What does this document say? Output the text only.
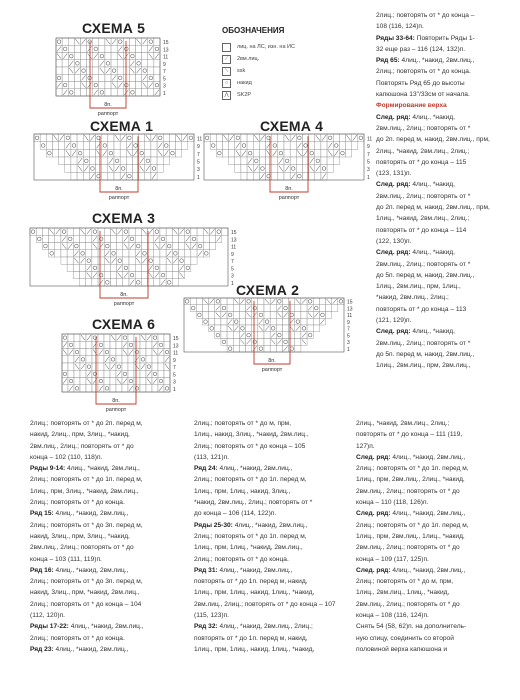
СХЕМА 5
15
13
11
9
7
5
3
1
8п.
раппорт
ОБОЗНАЧЕНИЯ
лиц. на ЛС, изн. на ИС
⟋	2вм.лиц.
⟍	ssk
○	накид
⋀	SK2P
СХЕМА 1
11
9
7
5
3
1
8п.
раппорт
СХЕМА 4
11
9
7
5
3
1
8п.
раппорт
СХЕМА 3
15
13
11
9
7
5
3
1
8п.
раппорт
СХЕМА 2
15
13
11
9
7
5
3
1
8п.
раппорт
СХЕМА 6
15
13
11
9
7
5
3
1
8п.
раппорт

2лиц.; повторять от * до конца –

108 (116, 124)п.

Ряды 33-64: Повторить Ряды 1-

32 еще раз – 116 (124, 132)п.

Ряд 65: 4лиц., *накид, 2вм.лиц.,

2лиц.; повторять от * до конца.

Повторять Ряд 65 до высоты

капюшона 13"/33см от начала.

Формирование верха

След. ряд: 4лиц., *накид,

2вм.лиц., 2лиц.; повторять от *

до 2п. перед м, накид, 2вм.лиц., прм,

2лиц., *накид, 2вм.лиц., 2лиц.;

повторять от * до конца – 115

(123, 131)п.

След. ряд: 4лиц., *накид,

2вм.лиц., 2лиц.; повторять от *

до 2п. перед м, накид, 2вм.лиц., прм,

1лиц., *накид, 2вм.лиц., 2лиц.;

повторять от * до конца – 114

(122, 130)п.

След. ряд: 4лиц., *накид,

2вм.лиц., 2лиц.; повторять от *

до 5п. перед м, накид, 2вм.лиц.,

1лиц., 2вм.лиц., прм, 1лиц.,

*накид, 2вм.лиц., 2лиц.;

повторять от * до конца – 113

(121, 129)п.

След. ряд: 4лиц., *накид,

2вм.лиц., 2лиц.; повторять от *

до 5п. перед м, накид, 2вм.лиц.,

1лиц., 2вм.лиц., прм, 2вм.лиц.,

2лиц.; повторять от * до 2п. перед м,

накид, 2лиц., прм, 3лиц., *накид,

2вм.лиц., 2лиц.; повторять от * до

конца – 102 (110, 118)п.

Ряды 9-14: 4лиц., *накид, 2вм.лиц.,

2лиц.; повторять от * до 1п. перед м,

1лиц., прм, 3лиц., *накид, 2вм.лиц.,

2лиц.; повторять от * до конца.

Ряд 15: 4лиц., *накид, 2вм.лиц.,

2лиц.; повторять от * до 3п. перед м,

накид, 3лиц., прм, 3лиц., *накид,

2вм.лиц., 2лиц.; повторять от * до

конца – 103 (111, 119)п.

Ряд 16: 4лиц., *накид, 2вм.лиц.,

2лиц.; повторять от * до 3п. перед м,

накид, 3лиц., прм, *накид, 2вм.лиц.,

2лиц.; повторять от * до конца – 104

(112, 120)п.

Ряды 17-22: 4лиц., *накид, 2вм.лиц.,

2лиц.; повторять от * до конца.

Ряд 23: 4лиц., *накид, 2вм.лиц.,

2лиц.; повторять от * до м, прм,

1лиц., накид, 3лиц., *накид, 2вм.лиц.,

2лиц.; повторять от * до конца – 105

(113, 121)п.

Ряд 24: 4лиц., *накид, 2вм.лиц.,

2лиц.; повторять от * до 1п. перед м,

1лиц., прм, 1лиц., накид, 3лиц.,

*накид, 2вм.лиц., 2лиц.; повторять от *

до конца – 106 (114, 122)п.

Ряды 25-30: 4лиц., *накид, 2вм.лиц.,

2лиц.; повторять от * до 1п. перед м,

1лиц., прм, 1лиц., *накид, 2вм.лиц.,

2лиц.; повторять от * до конца.

Ряд 31: 4лиц., *накид, 2вм.лиц.,

повторять от * до 1п. перед м, накид,

1лиц., прм, 1лиц., накид, 1лиц., *накид,

2вм.лиц., 2лиц.; повторять от * до конца – 107

(115, 123)п.

Ряд 32: 4лиц., *накид, 2вм.лиц., 2лиц.;

повторять от * до 1п. перед м, накид,

1лиц., прм, 1лиц., накид, 1лиц., *накид,

2лиц., *накид, 2вм.лиц., 2лиц.;

повторять от * до конца – 111 (119,

127)п.

След. ряд: 4лиц., *накид, 2вм.лиц.,

2лиц.; повторять от * до 1п. перед м,

1лиц., прм, 2вм.лиц., 2лиц., *накид,

2вм.лиц., 2лиц.; повторять от * до

конца – 110 (118, 126)п.

След. ряд: 4лиц., *накид, 2вм.лиц.,

2лиц.; повторять от * до 1п. перед м,

1лиц., прм, 2вм.лиц., 1лиц., *накид,

2вм.лиц., 2лиц.; повторять от * до

конца – 109 (117, 125)п.

След. ряд: 4лиц., *накид, 2вм.лиц.,

2лиц.; повторять от * до м, прм,

1лиц., 2вм.лиц., 1лиц., *накид,

2вм.лиц., 2лиц.; повторять от * до

конца – 108 (116, 124)п.

Снять 54 (58, 62)п. на дополнитель-

ную спицу, соединить со второй

половиной верха капюшона и
